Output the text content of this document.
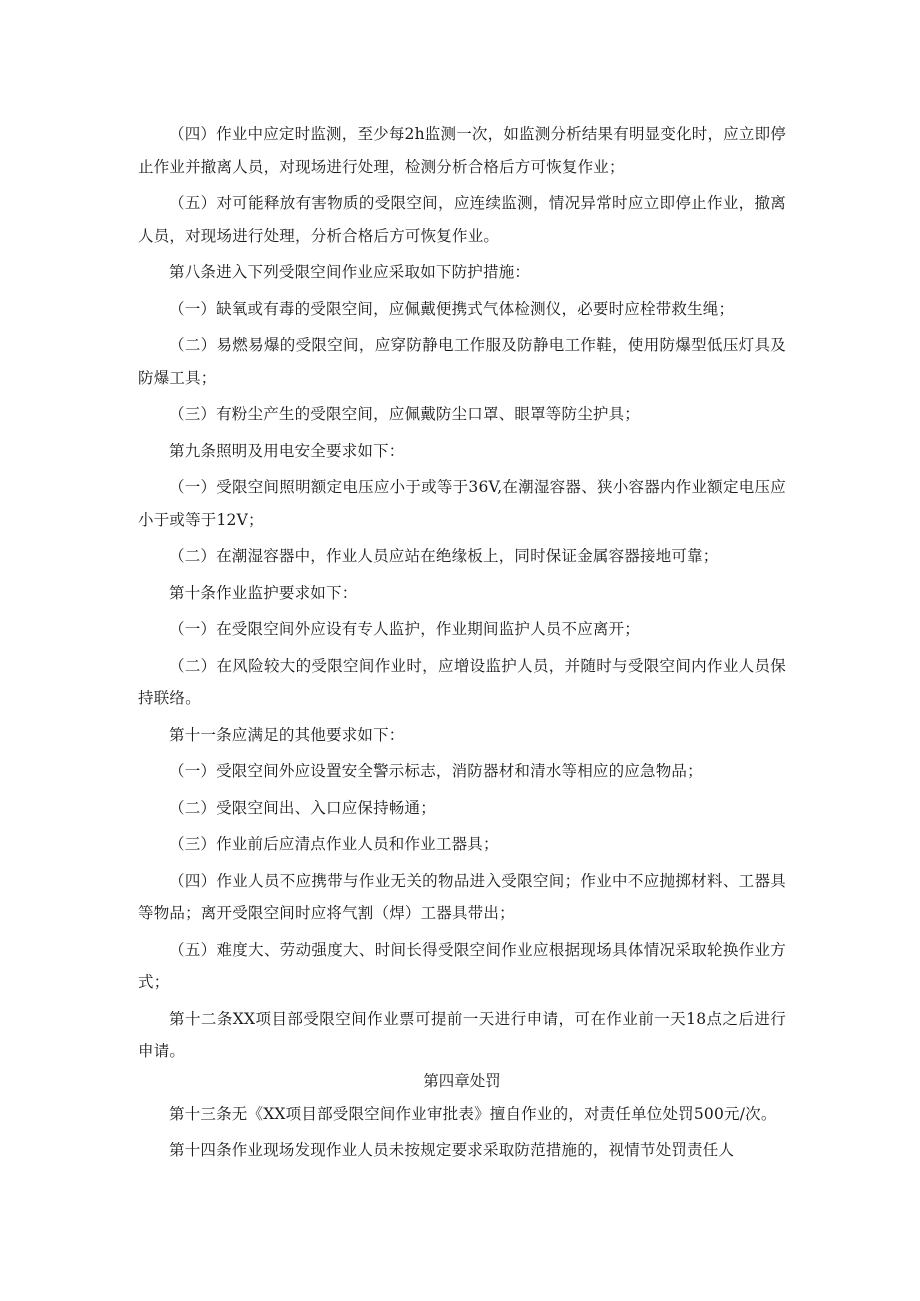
（四）作业中应定时监测，至少每2h监测一次，如监测分析结果有明显变化时，应立即停止作业并撤离人员，对现场进行处理，检测分析合格后方可恢复作业；

（五）对可能释放有害物质的受限空间，应连续监测，情况异常时应立即停止作业，撤离人员，对现场进行处理，分析合格后方可恢复作业。

第八条进入下列受限空间作业应采取如下防护措施：

（一）缺氧或有毒的受限空间，应佩戴便携式气体检测仪，必要时应栓带救生绳；

（二）易燃易爆的受限空间，应穿防静电工作服及防静电工作鞋，使用防爆型低压灯具及防爆工具；

（三）有粉尘产生的受限空间，应佩戴防尘口罩、眼罩等防尘护具；

第九条照明及用电安全要求如下：

（一）受限空间照明额定电压应小于或等于36V,在潮湿容器、狭小容器内作业额定电压应小于或等于12V；

（二）在潮湿容器中，作业人员应站在绝缘板上，同时保证金属容器接地可靠；

第十条作业监护要求如下：

（一）在受限空间外应设有专人监护，作业期间监护人员不应离开；

（二）在风险较大的受限空间作业时，应增设监护人员，并随时与受限空间内作业人员保持联络。

第十一条应满足的其他要求如下：

（一）受限空间外应设置安全警示标志，消防器材和清水等相应的应急物品；

（二）受限空间出、入口应保持畅通；

（三）作业前后应清点作业人员和作业工器具；

（四）作业人员不应携带与作业无关的物品进入受限空间；作业中不应抛掷材料、工器具等物品；离开受限空间时应将气割（焊）工器具带出；

（五）难度大、劳动强度大、时间长得受限空间作业应根据现场具体情况采取轮换作业方式；

第十二条XX项目部受限空间作业票可提前一天进行申请，可在作业前一天18点之后进行申请。

第四章处罚

第十三条无《XX项目部受限空间作业审批表》擅自作业的，对责任单位处罚500元/次。

第十四条作业现场发现作业人员未按规定要求采取防范措施的，视情节处罚责任人
